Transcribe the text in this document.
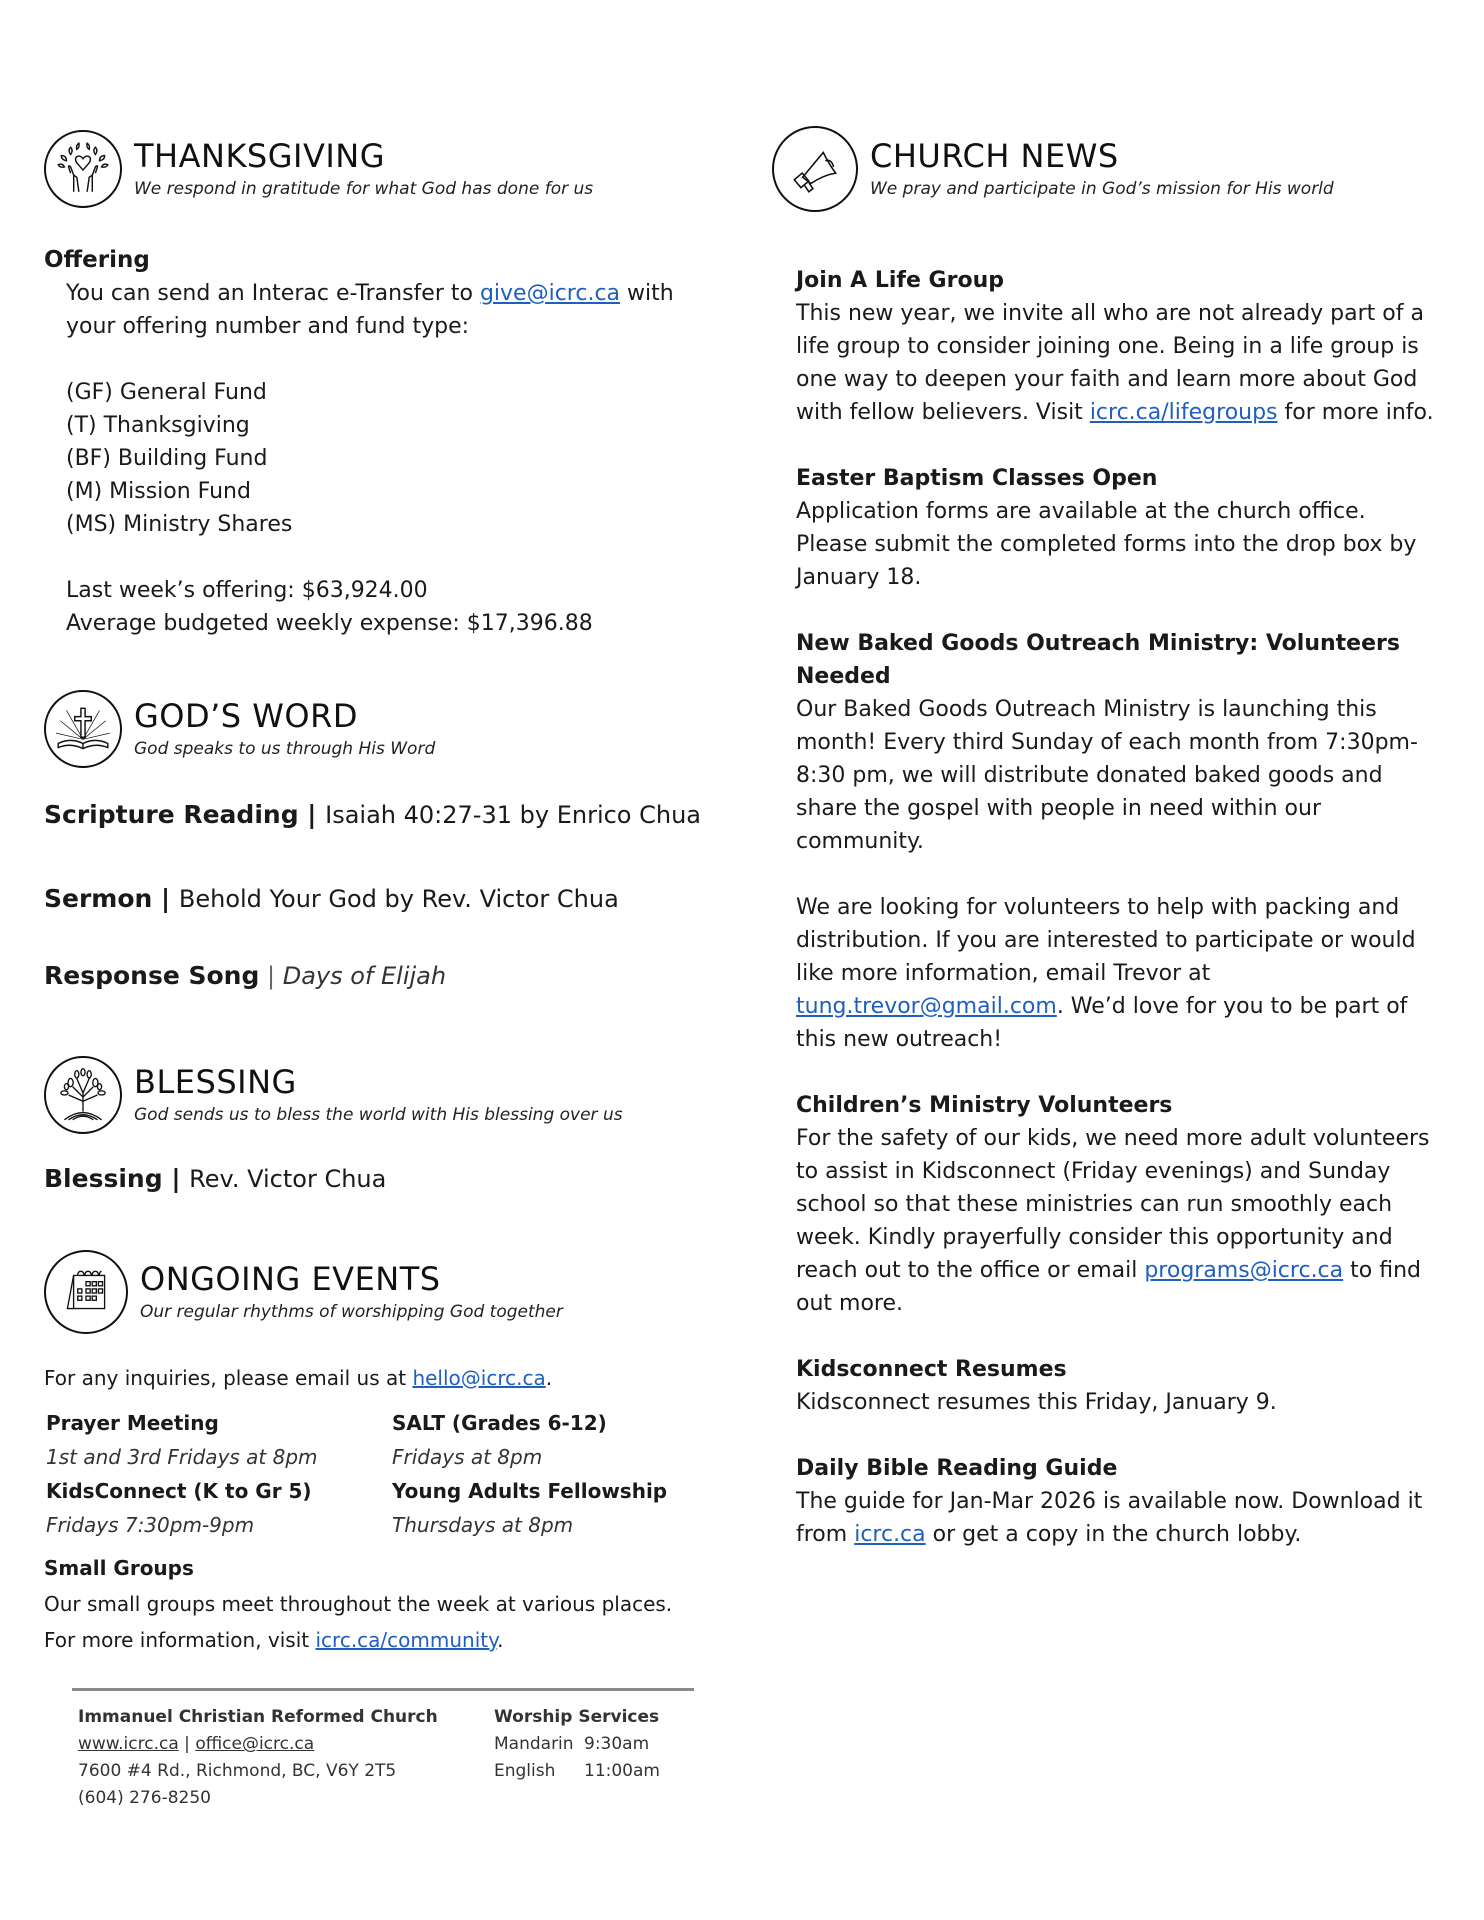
THANKSGIVING
We respond in gratitude for what God has done for us
Offering
You can send an Interac e-Transfer to give@icrc.ca with your offering number and fund type:
(GF) General Fund
(T) Thanksgiving
(BF) Building Fund
(M) Mission Fund
(MS) Ministry Shares
Last week’s offering: $63,924.00
Average budgeted weekly expense: $17,396.88
GOD’S WORD
God speaks to us through His Word
Scripture Reading | Isaiah 40:27-31 by Enrico Chua
Sermon | Behold Your God by Rev. Victor Chua
Response Song | Days of Elijah
BLESSING
God sends us to bless the world with His blessing over us
Blessing | Rev. Victor Chua
ONGOING EVENTS
Our regular rhythms of worshipping God together
For any inquiries, please email us at hello@icrc.ca.
Prayer Meeting
1st and 3rd Fridays at 8pm
SALT (Grades 6-12)
Fridays at 8pm
KidsConnect (K to Gr 5)
Fridays 7:30pm-9pm
Young Adults Fellowship
Thursdays at 8pm
Small Groups
Our small groups meet throughout the week at various places. For more information, visit icrc.ca/community.
Immanuel Christian Reformed Church
www.icrc.ca | office@icrc.ca
7600 #4 Rd., Richmond, BC, V6Y 2T5
(604) 276-8250
Worship Services
Mandarin 9:30am
English 11:00am
CHURCH NEWS
We pray and participate in God’s mission for His world
Join A Life Group
This new year, we invite all who are not already part of a life group to consider joining one. Being in a life group is one way to deepen your faith and learn more about God with fellow believers. Visit icrc.ca/lifegroups for more info.
Easter Baptism Classes Open
Application forms are available at the church office. Please submit the completed forms into the drop box by January 18.
New Baked Goods Outreach Ministry: Volunteers Needed
Our Baked Goods Outreach Ministry is launching this month! Every third Sunday of each month from 7:30pm-8:30 pm, we will distribute donated baked goods and share the gospel with people in need within our community.
We are looking for volunteers to help with packing and distribution. If you are interested to participate or would like more information, email Trevor at tung.trevor@gmail.com. We’d love for you to be part of this new outreach!
Children’s Ministry Volunteers
For the safety of our kids, we need more adult volunteers to assist in Kidsconnect (Friday evenings) and Sunday school so that these ministries can run smoothly each week. Kindly prayerfully consider this opportunity and reach out to the office or email programs@icrc.ca to find out more.
Kidsconnect Resumes
Kidsconnect resumes this Friday, January 9.
Daily Bible Reading Guide
The guide for Jan-Mar 2026 is available now. Download it from icrc.ca or get a copy in the church lobby.
